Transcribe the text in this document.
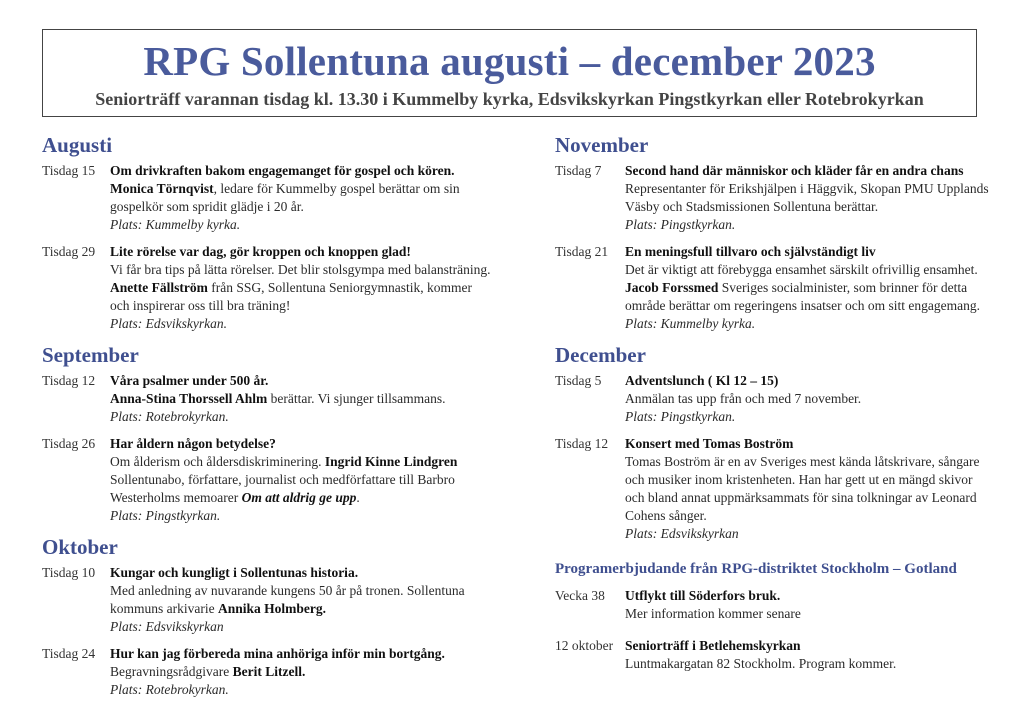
RPG Sollentuna augusti – december 2023
Seniorträff varannan tisdag kl. 13.30 i Kummelby kyrka, Edsvikskyrkan Pingstkyrkan eller Rotebrokyrkan
Augusti
Tisdag 15	Om drivkraften bakom engagemanget för gospel och kören.
Monica Törnqvist, ledare för Kummelby gospel berättar om sin gospelkör som spridit glädje i 20 år.
Plats: Kummelby kyrka.
Tisdag 29	Lite rörelse var dag, gör kroppen och knoppen glad!
Vi får bra tips på lätta rörelser. Det blir stolsgympa med balansträning. Anette Fällström från SSG, Sollentuna Seniorgymnastik, kommer och inspirerar oss till bra träning!
Plats: Edsvikskyrkan.
September
Tisdag 12	Våra psalmer under 500 år.
Anna-Stina Thorssell Ahlm berättar. Vi sjunger tillsammans.
Plats: Rotebrokyrkan.
Tisdag 26	Har åldern någon betydelse?
Om ålderism och åldersdiskriminering. Ingrid Kinne Lindgren Sollentunabo, författare, journalist och medförfattare till Barbro Westerholms memoarer Om att aldrig ge upp.
Plats: Pingstkyrkan.
Oktober
Tisdag 10	Kungar och kungligt i Sollentunas historia.
Med anledning av nuvarande kungens 50 år på tronen. Sollentuna kommuns arkivarie Annika Holmberg.
Plats: Edsvikskyrkan
Tisdag 24	Hur kan jag förbereda mina anhöriga inför min bortgång.
Begravningsrådgivare Berit Litzell.
Plats: Rotebrokyrkan.
November
Tisdag 7	Second hand där människor och kläder får en andra chans
Representanter för Erikshjälpen i Häggvik, Skopan PMU Upplands Väsby och Stadsmissionen Sollentuna berättar.
Plats: Pingstkyrkan.
Tisdag 21	En meningsfull tillvaro och självständigt liv
Det är viktigt att förebygga ensamhet särskilt ofrivillig ensamhet. Jacob Forssmed Sveriges socialminister, som brinner för detta område berättar om regeringens insatser och om sitt engagemang.
Plats: Kummelby kyrka.
December
Tisdag 5	Adventslunch ( Kl 12 – 15)
Anmälan tas upp från och med 7 november.
Plats: Pingstkyrkan.
Tisdag 12	Konsert med Tomas Boström
Tomas Boström är en av Sveriges mest kända låtskrivare, sångare och musiker inom kristenheten. Han har gett ut en mängd skivor och bland annat uppmärksammats för sina tolkningar av Leonard Cohens sånger.
Plats: Edsvikskyrkan
Programerbjudande från RPG-distriktet Stockholm – Gotland
Vecka 38	Utflykt till Söderfors bruk.
Mer information kommer senare
12 oktober Seniorträff i Betlehemskyrkan
Luntmakargatan 82 Stockholm. Program kommer.
